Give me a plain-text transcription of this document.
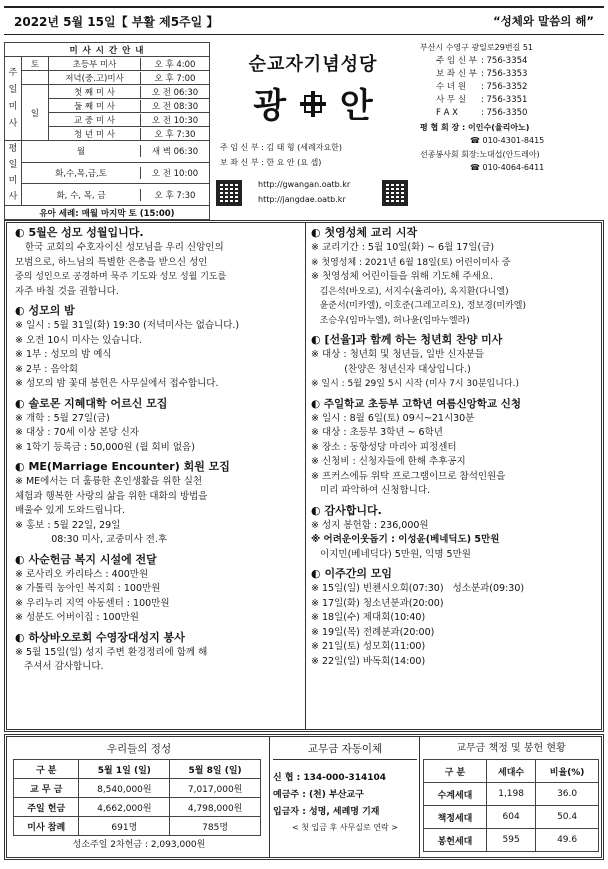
2022년 5월 15일【 부활 제5주일 】	“성체와 말씀의 해”
미 사 시 간 안 내		
주일미사	토	초등부 미사 오 후 4:00

		저녁(중.고)미사 오 후 7:00

	일	첫 째 미 사 오 전 06:30

		둘 째 미 사 오 전 08:30

		교 중 미 사 오 전 10:30

		청 년 미 사 오 후 7:30

평일미사	월 새 벽 06:30	

	화,수,목,금,토 오 전 10:00	

	화, 수, 목, 금 오 후 7:30	

유아 세례: 매월 마지막 토 (15:00)		
순교자기념성당
광 안
주 임 신 부 : 김 태 형 (세례자요한)
보 좌 신 부 : 한 요 안 (요 셉)
http://gwangan.oatb.kr
http://jangdae.oatb.kr
부산시 수영구 광일로29번길 51
주 임 신 부	: 756-3354
보 좌 신 부	: 756-3353
수 녀 원	: 756-3352
사 무 실	: 756-3351
F A X	: 756-3350
평 협 회 장 : 이인수(율리아노)
☎ 010-4301-8415
선종봉사회 회장:노대섭(안드레아)
☎ 010-4064-6411
◐ 5월은 성모 성월입니다.
한국 교회의 수호자이신 성모님을 우리 신앙인의
모범으로, 하느님의 특별한 은총을 받으신 성인
중의 성인으로 공경하며 묵주 기도와 성모 성월 기도를
자주 바칠 것을 권합니다.
◐ 성모의 밤
※ 일시 : 5월 31일(화) 19:30 (저녁미사는 없습니다.)
※ 오전 10시 미사는 있습니다.
※ 1부 : 성모의 밤 예식
※ 2부 : 음악회
※ 성모의 밤 꽃대 봉헌은 사무실에서 접수합니다.
◐ 솔로몬 지혜대학 어르신 모집
※ 개학 : 5월 27일(금)
※ 대상 : 70세 이상 본당 신자
※ 1학기 등록금 : 50,000원 (월 회비 없음)
◐ ME(Marriage Encounter) 회원 모집
※ ME에서는 더 훌륭한 혼인생활을 위한 실천
체험과 행복한 사랑의 삶을 위한 대화의 방법을
배울수 있게 도와드립니다.
※ 홍보 : 5월 22일, 29일
08:30 미사, 교중미사 전.후
◐ 사순헌금 복지 시설에 전달
※ 로사리오 카리타스 : 400만원
※ 가톨릭 농아인 복지회 : 100만원
※ 우리누리 지역 아동센터 : 100만원
※ 성분도 어버이집 : 100만원
◐ 하상바오로회 수영장대성지 봉사
※ 5월 15일(일) 성지 주변 환경정리에 함께 해
주셔서 감사합니다.
◐ 첫영성체 교리 시작
※ 교리기간 : 5월 10일(화) ~ 6월 17일(금)
※ 첫영성체 : 2021년 6월 18일(토) 어린이미사 중
※ 첫영성체 어린이들을 위해 기도해 주세요.
김은석(바오로), 서지수(율리아), 옥지환(다니엘)
윤준서(미카엘), 이호준(그레고리오), 정보경(미카엘)
조승우(임마누엘), 허나윤(임마누엘라)
◐ [선율]과 함께 하는 청년회 찬양 미사
※ 대상 : 청년회 및 청년들, 일반 신자분들
(찬양은 청년신자 대상입니다.)
※ 일시 : 5월 29일 5시 시작 (미사 7시 30분입니다.)
◐ 주일학교 초등부 고학년 여름신앙학교 신청
※ 일시 : 8월 6일(토) 09시~21시30분
※ 대상 : 초등부 3학년 ~ 6학년
※ 장소 : 동항성당 마리아 피정센터
※ 신청비 : 신청자들에 한해 추후공지
※ 프커스에듀 위탁 프로그램이므로 참석인원을
미리 파악하여 신청합니다.
◐ 감사합니다.
※ 성지 봉헌함 : 236,000원
※ 어려운이웃돕기 : 이성윤(베네딕도) 5만원
이지민(베네딕다) 5만원, 익명 5만원
◐ 이주간의 모임
※ 15일(일) 빈첸시오회(07:30)   성소분과(09:30)
※ 17일(화) 청소년분과(20:00)
※ 18일(수) 제대회(10:40)
※ 19일(목) 전례분과(20:00)
※ 21일(토) 성모회(11:00)
※ 22일(일) 바독회(14:00)
우리들의 정성
구 분	5월 1일 (일)	5월 8일 (일)
교 무 금	8,540,000원	7,017,000원
주일 헌금	4,662,000원	4,798,000원
미사 참례	691명	785명
성소주일 2차헌금 : 2,093,000원
교무금 자동이체
신 협 : 134-000-314104
예금주 : (천) 부산교구
입금자 : 성명, 세례명 기재
< 첫 입금 후 사무실로 연락 >
교무금 책정 및 봉헌 현황
구 분	세대수	비율(%)
수계세대	1,198	36.0
책정세대	604	50.4
봉헌세대	595	49.6
